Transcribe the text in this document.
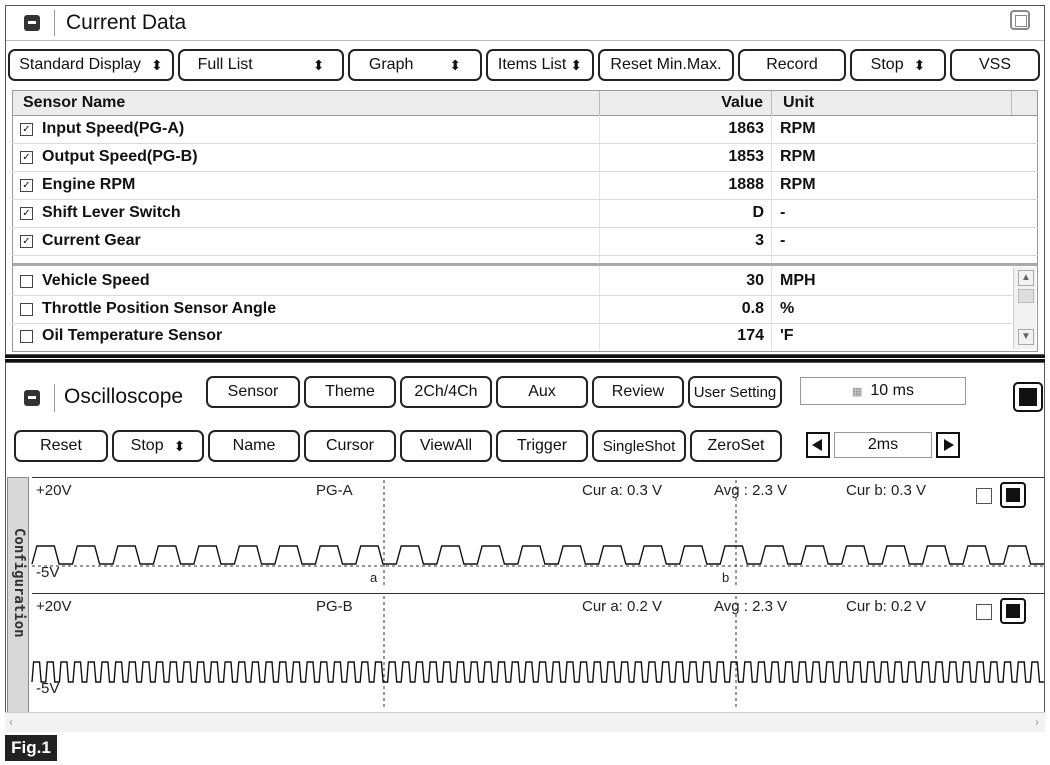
Current Data
Standard Display ⬍ Full List	⬍	Graph	⬍ Items List ⬍	Reset Min.Max.	Record	Stop ⬍	VSS
Sensor Name	Value Unit
▲
▼
✓ Input Speed(PG-A)	1863 RPM
✓ Output Speed(PG-B)	1853 RPM
✓ Engine RPM	1888 RPM
✓ Shift Lever Switch	D -
✓ Current Gear	3 -
Vehicle Speed	30 MPH
Throttle Position Sensor Angle	0.8 %
Oil Temperature Sensor	174 'F
Oscilloscope	Sensor	Theme	2Ch/4Ch	Aux	Review	User Setting	▦ 10 ms
Reset	Stop ⬍	Name	Cursor	ViewAll	Trigger	SingleShot	ZeroSet	2ms
Configuration
+20V	PG-A	Cur a: 0.3 V	Avg : 2.3 V	Cur b: 0.3 V
-5V	a	b
+20V	PG-B	Cur a: 0.2 V	Avg : 2.3 V	Cur b: 0.2 V
-5V
‹	›
Fig.1
